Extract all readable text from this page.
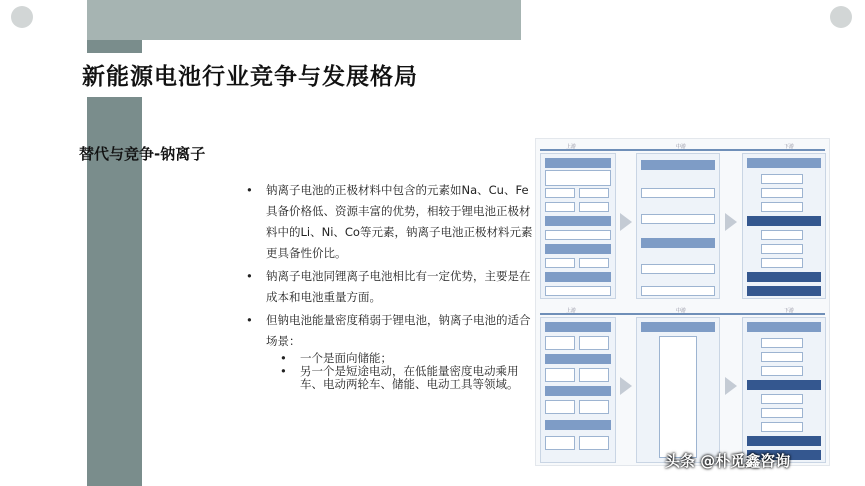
新能源电池行业竞争与发展格局
替代与竞争-钠离子
• 钠离子电池的正极材料中包含的元素如Na、Cu、Fe具备价格低、资源丰富的优势，相较于锂电池正极材料中的Li、Ni、Co等元素，钠离子电池正极材料元素更具备性价比。
• 钠离子电池同锂离子电池相比有一定优势，主要是在成本和电池重量方面。
• 但钠电池能量密度稍弱于锂电池，钠离子电池的适合场景：
• 一个是面向储能；
• 另一个是短途电动，在低能量密度电动乘用车、电动两轮车、储能、电动工具等领域。
上游	中游	下游
上游	中游	下游
头条 @朴觅鑫咨询
